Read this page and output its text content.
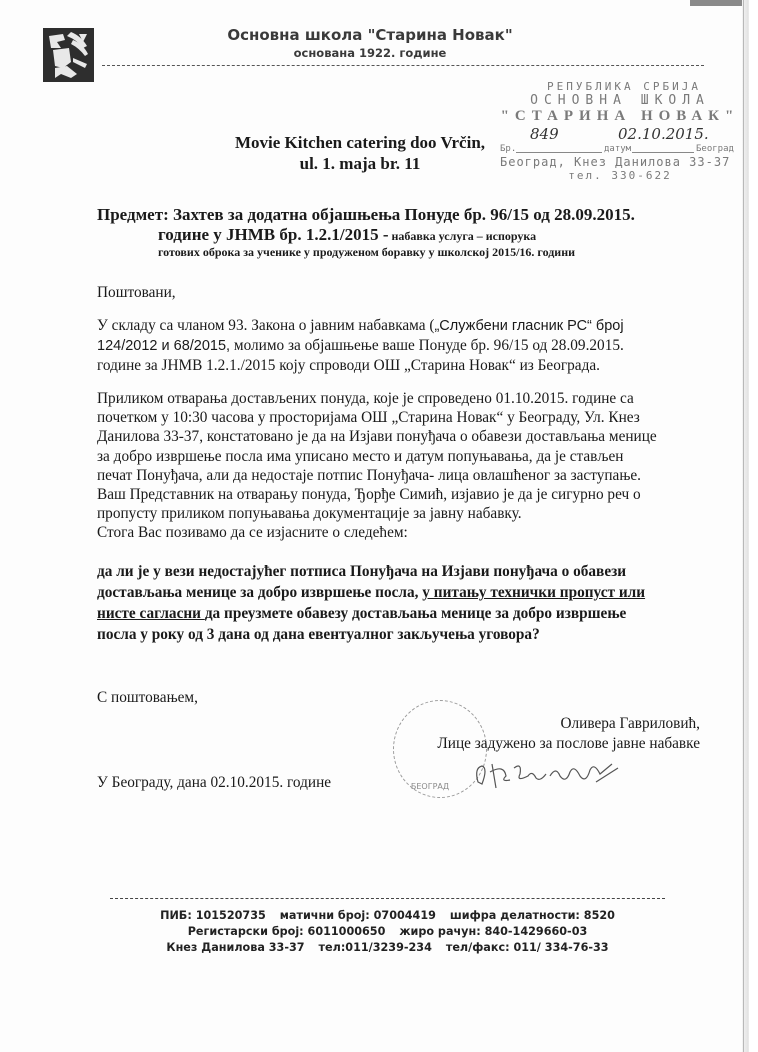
Основна школа "Старина Новак"
основана 1922. године
РЕПУБЛИКА СРБИЈА
ОСНОВНА ШКОЛА
"СТАРИНА НОВАК"
849	02.10.2015.
Бр.	датум	Београд
Београд, Кнез Данилова 33-37
тел. 330-622
Movie Kitchen catering doo Vrčin,
ul. 1. maja br. 11
Предмет: Захтев за додатна објашњења Понуде бр. 96/15 од 28.09.2015.
године у ЈНМВ бр. 1.2.1/2015 - набавка услуга – испорука
готових оброка за ученике у продуженом боравку у школској 2015/16. години
Поштовани,
У складу са чланом 93. Закона о јавним набавкама („Службени гласник РС“ број 124/2012 и 68/2015, молимо за објашњење ваше Понуде бр. 96/15 од 28.09.2015. године за ЈНМВ 1.2.1./2015 коју спроводи ОШ „Старина Новак“ из Београда.
Приликом отварања достављених понуда, које је спроведено 01.10.2015. године са почетком у 10:30 часова у просторијама ОШ „Старина Новак“ у Београду, Ул. Кнез Данилова 33-37, констатовано је да на Изјави понуђача о обавези достављања менице за добро извршење посла има уписано место и датум попуњавања, да је стављен печат Понуђача, али да недостаје потпис Понуђача- лица овлашћеног за заступање. Ваш Представник на отварању понуда, Ђорђе Симић, изјавио је да је сигурно реч о пропусту приликом попуњавања документације за јавну набавку.
Стога Вас позивамо да се изјасните о следећем:
да ли је у вези недостајућег потписа Понуђача на Изјави понуђача о обавези достављања менице за добро извршење посла, у питању технички пропуст или нисте сагласни да преузмете обавезу достављања менице за добро извршење посла у року од 3 дана од дана евентуалног закључења уговора?
С поштовањем,
БЕОГРАД
Оливера Гавриловић,
Лице задужено за послове јавне набавке
У Београду, дана 02.10.2015. године
ПИБ: 101520735 матични број: 07004419 шифра делатности: 8520
Регистарски број: 6011000650 жиро рачун: 840-1429660-03
Кнез Данилова 33-37 тел:011/3239-234 тел/факс: 011/ 334-76-33
